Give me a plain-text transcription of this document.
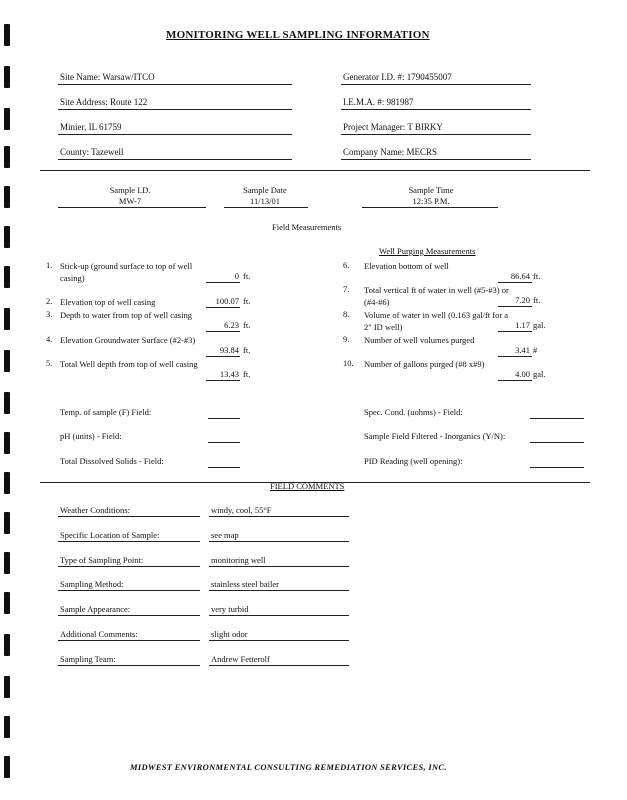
MONITORING WELL SAMPLING INFORMATION
Site Name: Warsaw/ITCO
Site Address: Route 122
Minier, IL 61759
County: Tazewell
Generator I.D. #: 1790455007
I.E.M.A. #: 981987
Project Manager: T BIRKY
Company Name: MECRS
Sample I.D.
MW-7
Sample Date
11/13/01
Sample Time
12:35 P.M.
Field Measurements
Well Purging Measurements
1. Stick-up (ground surface to top of well casing)	0 ft.
2. Elevation top of well casing	100.07 ft.
3. Depth to water from top of well casing
6.23 ft.
4. Elevation Groundwater Surface (#2-#3)
93.84 ft.
5. Total Well depth from top of well casing
13.43 ft.
6. Elevation bottom of well
86.64 ft.
7. Total vertical ft of water in well (#5-#3) or (#4-#6)	7.20 ft.
8. Volume of water in well (0.163 gal/ft for a 2" ID well)	1.17 gal.
9. Number of well volumes purged
3.41 #
10. Number of gallons purged (#8 x#9)
4.00 gal.
Temp. of sample (F) Field:
pH (units) - Field:
Total Dissolved Solids - Field:
Spec. Cond. (uohms) - Field:
Sample Field Filtered - Inorganics (Y/N):
PID Reading (well opening):
FIELD COMMENTS
Weather Conditions:	windy, cool, 55°F
Specific Location of Sample:	see map
Type of Sampling Point:	monitoring well
Sampling Method:	stainless steel bailer
Sample Appearance:	very turbid
Additional Comments:	slight odor
Sampling Team:	Andrew Fetterolf
MIDWEST ENVIRONMENTAL CONSULTING REMEDIATION SERVICES, INC.
